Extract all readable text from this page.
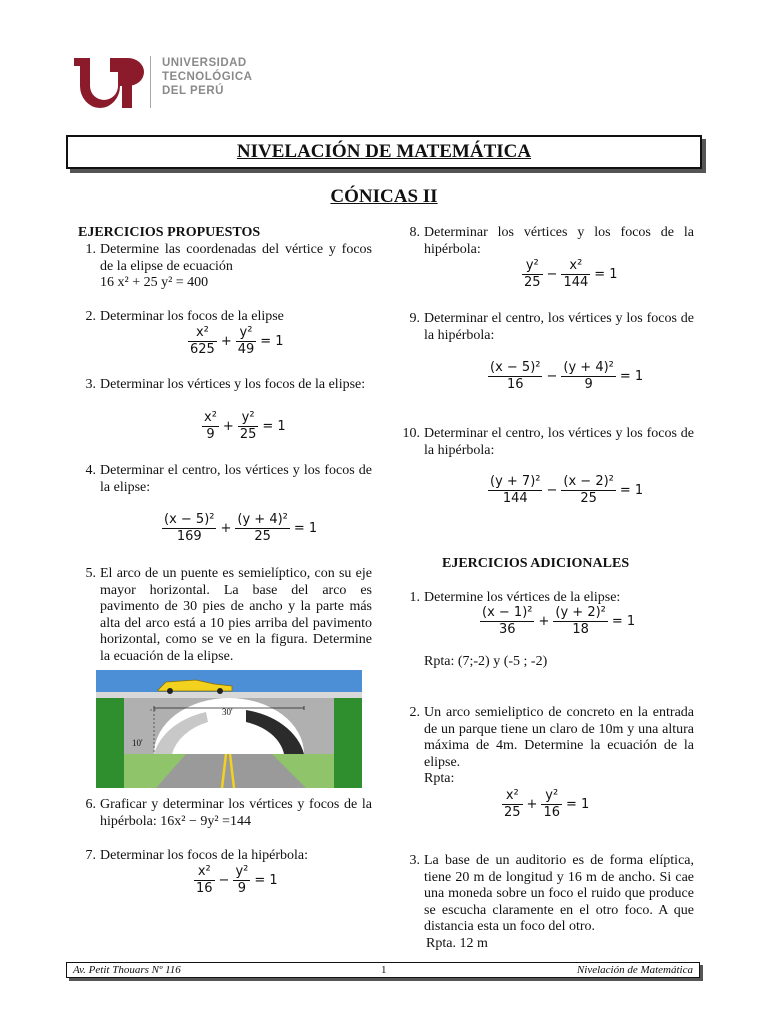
UNIVERSIDAD
TECNOLÓGICA
DEL PERÚ
NIVELACIÓN DE MATEMÁTICA
CÓNICAS II
EJERCICIOS PROPUESTOS
1. Determine las coordenadas del vértice y focos de la elipse de ecuación
16 x² + 25 y² = 400
2. Determinar los focos de la elipse
$\frac{\text{x²}}{625} + \frac{\text{y²}}{49} = 1$
3. Determinar los vértices y los focos de la elipse:
$\frac{\text{x²}}{9} + \frac{\text{y²}}{25} = 1$
4. Determinar el centro, los vértices y los focos de la elipse:
$\frac{\text{(x − 5)²}}{169} + \frac{\text{(y + 4)²}}{25} = 1$
5. El arco de un puente es semielíptico, con su eje mayor horizontal. La base del arco es pavimento de 30 pies de ancho y la parte más alta del arco está a 10 pies arriba del pavimento horizontal, como se ve en la figura. Determine la ecuación de la elipse.
30'
10'
6. Graficar y determinar los vértices y focos de la hipérbola: 16x² − 9y² =144
7. Determinar los focos de la hipérbola:
$\frac{\text{x²}}{16} - \frac{\text{y²}}{9} = 1$
8. Determinar los vértices y los focos de la hipérbola:
$\frac{\text{y²}}{25} - \frac{\text{x²}}{144} = 1$
9. Determinar el centro, los vértices y los focos de la hipérbola:
$\frac{\text{(x − 5)²}}{16} - \frac{\text{(y + 4)²}}{9} = 1$
10. Determinar el centro, los vértices y los focos de la hipérbola:
$\frac{\text{(y + 7)²}}{144} - \frac{\text{(x − 2)²}}{25} = 1$
EJERCICIOS ADICIONALES
1. Determine los vértices de la elipse:
$\frac{\text{(x − 1)²}}{36} + \frac{\text{(y + 2)²}}{18} = 1$
Rpta: (7;-2) y (-5 ; -2)
2. Un arco semieliptico de concreto en la entrada de un parque tiene un claro de 10m y una altura máxima de 4m. Determine la ecuación de la elipse.
Rpta:
$\frac{\text{x²}}{25} + \frac{\text{y²}}{16} = 1$
3. La base de un auditorio es de forma elíptica, tiene 20 m de longitud y 16 m de ancho. Si cae una moneda sobre un foco el ruido que produce se escucha claramente en el otro foco. A que distancia esta un foco del otro.
Rpta. 12 m
Av. Petit Thouars Nº 116	1	Nivelación de Matemática
